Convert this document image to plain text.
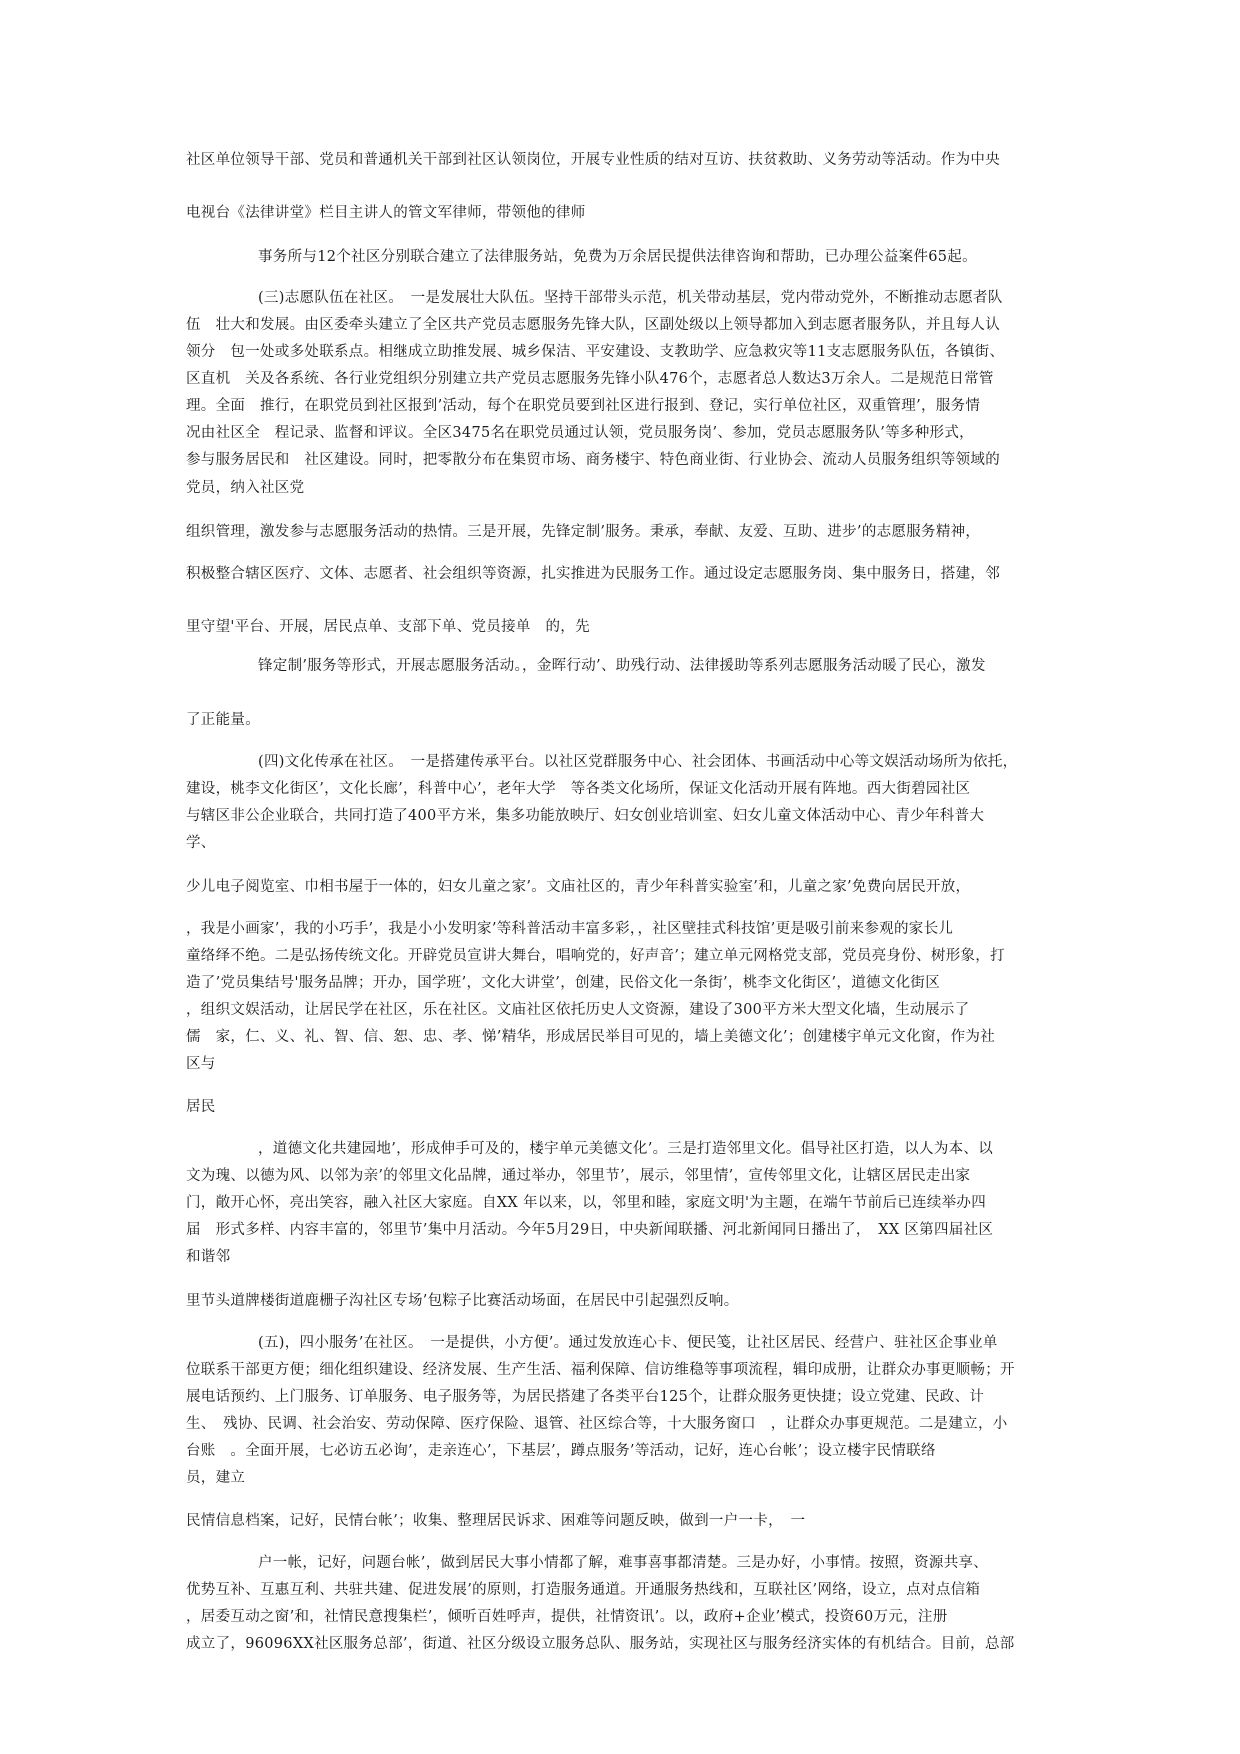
社区单位领导干部、党员和普通机关干部到社区认领岗位，开展专业性质的结对互访、扶贫救助、义务劳动等活动。作为中央
电视台《法律讲堂》栏目主讲人的管文军律师，带领他的律师
事务所与12个社区分别联合建立了法律服务站，免费为万余居民提供法律咨询和帮助，已办理公益案件65起。
(三)志愿队伍在社区。　一是发展壮大队伍。坚持干部带头示范，机关带动基层，党内带动党外，不断推动志愿者队
伍　壮大和发展。由区委牵头建立了全区共产党员志愿服务先锋大队，区副处级以上领导都加入到志愿者服务队，并且每人认
领分　包一处或多处联系点。相继成立助推发展、城乡保洁、平安建设、支教助学、应急救灾等11支志愿服务队伍，各镇街、
区直机　关及各系统、各行业党组织分别建立共产党员志愿服务先锋小队476个，志愿者总人数达3万余人。二是规范日常管
理。全面　推行，在职党员到社区报到’活动，每个在职党员要到社区进行报到、登记，实行单位社区，双重管理’，服务情
况由社区全　程记录、监督和评议。全区3475名在职党员通过认领，党员服务岗’、参加，党员志愿服务队’等多种形式，
参与服务居民和　社区建设。同时，把零散分布在集贸市场、商务楼宇、特色商业街、行业协会、流动人员服务组织等领域的
党员，纳入社区党
组织管理，激发参与志愿服务活动的热情。三是开展，先锋定制’服务。秉承，奉献、友爱、互助、进步’的志愿服务精神，
积极整合辖区医疗、文体、志愿者、社会组织等资源，扎实推进为民服务工作。通过设定志愿服务岗、集中服务日，搭建，邻
里守望'平台、开展，居民点单、支部下单、党员接单　的，先
锋定制’服务等形式，开展志愿服务活动。，金晖行动’、助残行动、法律援助等系列志愿服务活动暖了民心，激发
了正能量。
(四)文化传承在社区。　一是搭建传承平台。以社区党群服务中心、社会团体、书画活动中心等文娱活动场所为依托，
建设，桃李文化街区’，文化长廊’，科普中心’，老年大学　等各类文化场所，保证文化活动开展有阵地。西大街碧园社区
与辖区非公企业联合，共同打造了400平方米，集多功能放映厅、妇女创业培训室、妇女儿童文体活动中心、青少年科普大
学、
少儿电子阅览室、巾相书屋于一体的，妇女儿童之家’。文庙社区的，青少年科普实验室’和，儿童之家’免费向居民开放，
，我是小画家’，我的小巧手’，我是小小发明家’等科普活动丰富多彩，，社区壁挂式科技馆’更是吸引前来参观的家长儿
童络绎不绝。二是弘扬传统文化。开辟党员宣讲大舞台，唱响党的，好声音’；建立单元网格党支部，党员亮身份、树形象，打
造了’党员集结号'服务品牌；开办，国学班’，文化大讲堂’，创建，民俗文化一条街’，桃李文化街区’，道德文化街区
，组织文娱活动，让居民学在社区，乐在社区。文庙社区依托历史人文资源，建设了300平方米大型文化墙，生动展示了
儒　家，仁、义、礼、智、信、恕、忠、孝、悌’精华，形成居民举目可见的，墙上美德文化’；创建楼宇单元文化窗，作为社
区与
居民
，道德文化共建园地’，形成伸手可及的，楼宇单元美德文化’。三是打造邻里文化。倡导社区打造，以人为本、以
文为瑰、以德为风、以邻为亲’的邻里文化品牌，通过举办，邻里节’，展示，邻里情’，宣传邻里文化，让辖区居民走出家
门，敞开心怀，亮出笑容，融入社区大家庭。自XX 年以来，以，邻里和睦，家庭文明'为主题，在端午节前后已连续举办四
届　形式多样、内容丰富的，邻里节’集中月活动。今年5月29日，中央新闻联播、河北新闻同日播出了，　XX 区第四届社区
和谐邻
里节头道牌楼街道鹿栅子沟社区专场’包粽子比赛活动场面，在居民中引起强烈反响。
(五)，四小服务’在社区。　一是提供，小方便’。通过发放连心卡、便民笺，让社区居民、经营户、驻社区企事业单
位联系干部更方便；细化组织建设、经济发展、生产生活、福利保障、信访维稳等事项流程，辑印成册，让群众办事更顺畅；开
展电话预约、上门服务、订单服务、电子服务等，为居民搭建了各类平台125个，让群众服务更快捷；设立党建、民政、计
生、　残协、民调、社会治安、劳动保障、医疗保险、退管、社区综合等，十大服务窗口　，让群众办事更规范。二是建立，小
台账　。全面开展，七必访五必询’，走亲连心’，下基层’，蹲点服务’等活动，记好，连心台帐’；设立楼宇民情联络
员，建立
民情信息档案，记好，民情台帐’；收集、整理居民诉求、困难等问题反映，做到一户一卡，　一
户一帐，记好，问题台帐’，做到居民大事小情都了解，难事喜事都清楚。三是办好，小事情。按照，资源共享、
优势互补、互惠互利、共驻共建、促进发展’的原则，打造服务通道。开通服务热线和，互联社区’网络，设立，点对点信箱
，居委互动之窗’和，社情民意搜集栏’，倾听百姓呼声，提供，社情资讯’。以，政府+企业’模式，投资60万元，注册
成立了，96096XX社区服务总部’，街道、社区分级设立服务总队、服务站，实现社区与服务经济实体的有机结合。目前，总部
